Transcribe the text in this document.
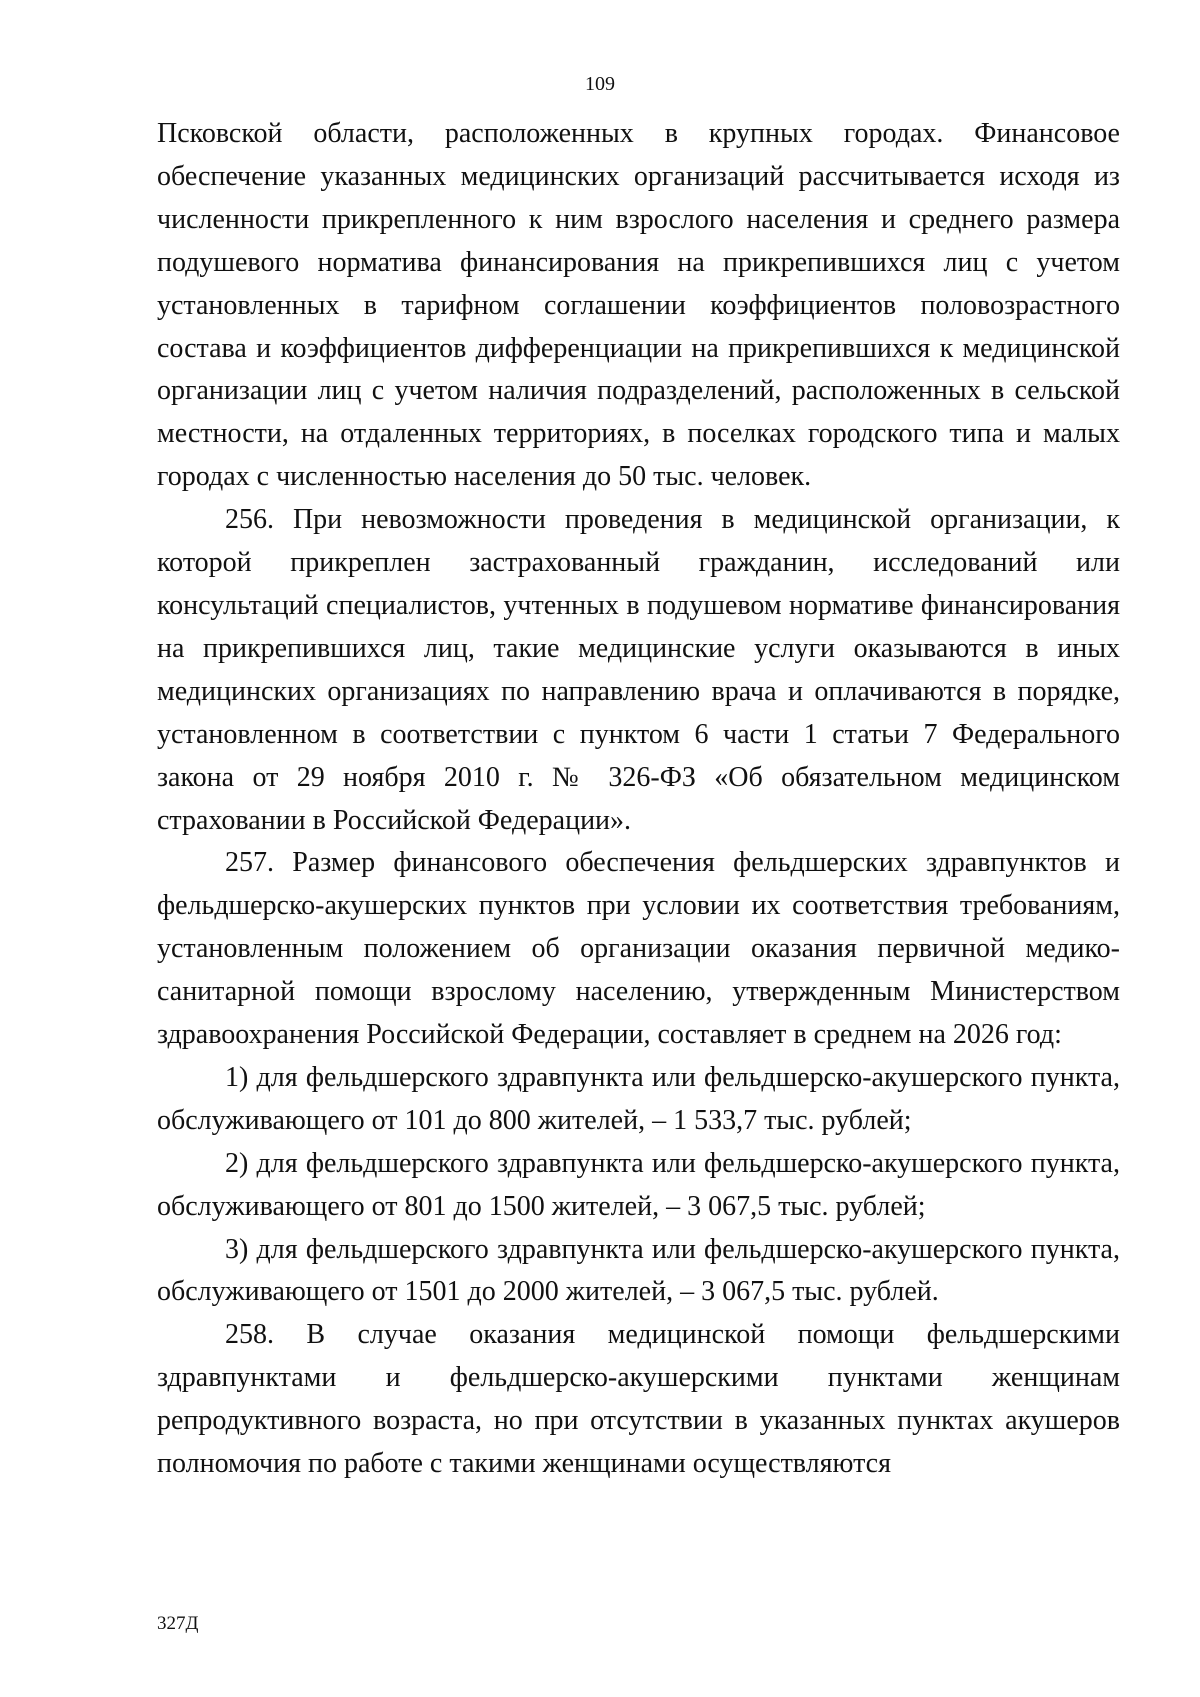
109

Псковской области, расположенных в крупных городах. Финансовое обеспечение указанных медицинских организаций рассчитывается исходя из численности прикрепленного к ним взрослого населения и среднего размера подушевого норматива финансирования на прикрепившихся лиц с учетом установленных в тарифном соглашении коэффициентов половозрастного состава и коэффициентов дифференциации на прикрепившихся к медицинской организации лиц с учетом наличия подразделений, расположенных в сельской местности, на отдаленных территориях, в поселках городского типа и малых городах с численностью населения до 50 тыс. человек.

256. При невозможности проведения в медицинской организации, к которой прикреплен застрахованный гражданин, исследований или консультаций специалистов, учтенных в подушевом нормативе финансирования на прикрепившихся лиц, такие медицинские услуги оказываются в иных медицинских организациях по направлению врача и оплачиваются в порядке, установленном в соответствии с пунктом 6 части 1 статьи 7 Федерального закона от 29 ноября 2010 г. № 326-ФЗ «Об обязательном медицинском страховании в Российской Федерации».

257. Размер финансового обеспечения фельдшерских здравпунктов и фельдшерско-акушерских пунктов при условии их соответствия требованиям, установленным положением об организации оказания первичной медико-санитарной помощи взрослому населению, утвержденным Министерством здравоохранения Российской Федерации, составляет в среднем на 2026 год:

1) для фельдшерского здравпункта или фельдшерско-акушерского пункта, обслуживающего от 101 до 800 жителей, – 1 533,7 тыс. рублей;

2) для фельдшерского здравпункта или фельдшерско-акушерского пункта, обслуживающего от 801 до 1500 жителей, – 3 067,5 тыс. рублей;

3) для фельдшерского здравпункта или фельдшерско-акушерского пункта, обслуживающего от 1501 до 2000 жителей, – 3 067,5 тыс. рублей.

258. В случае оказания медицинской помощи фельдшерскими здравпунктами и фельдшерско-акушерскими пунктами женщинам репродуктивного возраста, но при отсутствии в указанных пунктах акушеров полномочия по работе с такими женщинами осуществляются

327Д
